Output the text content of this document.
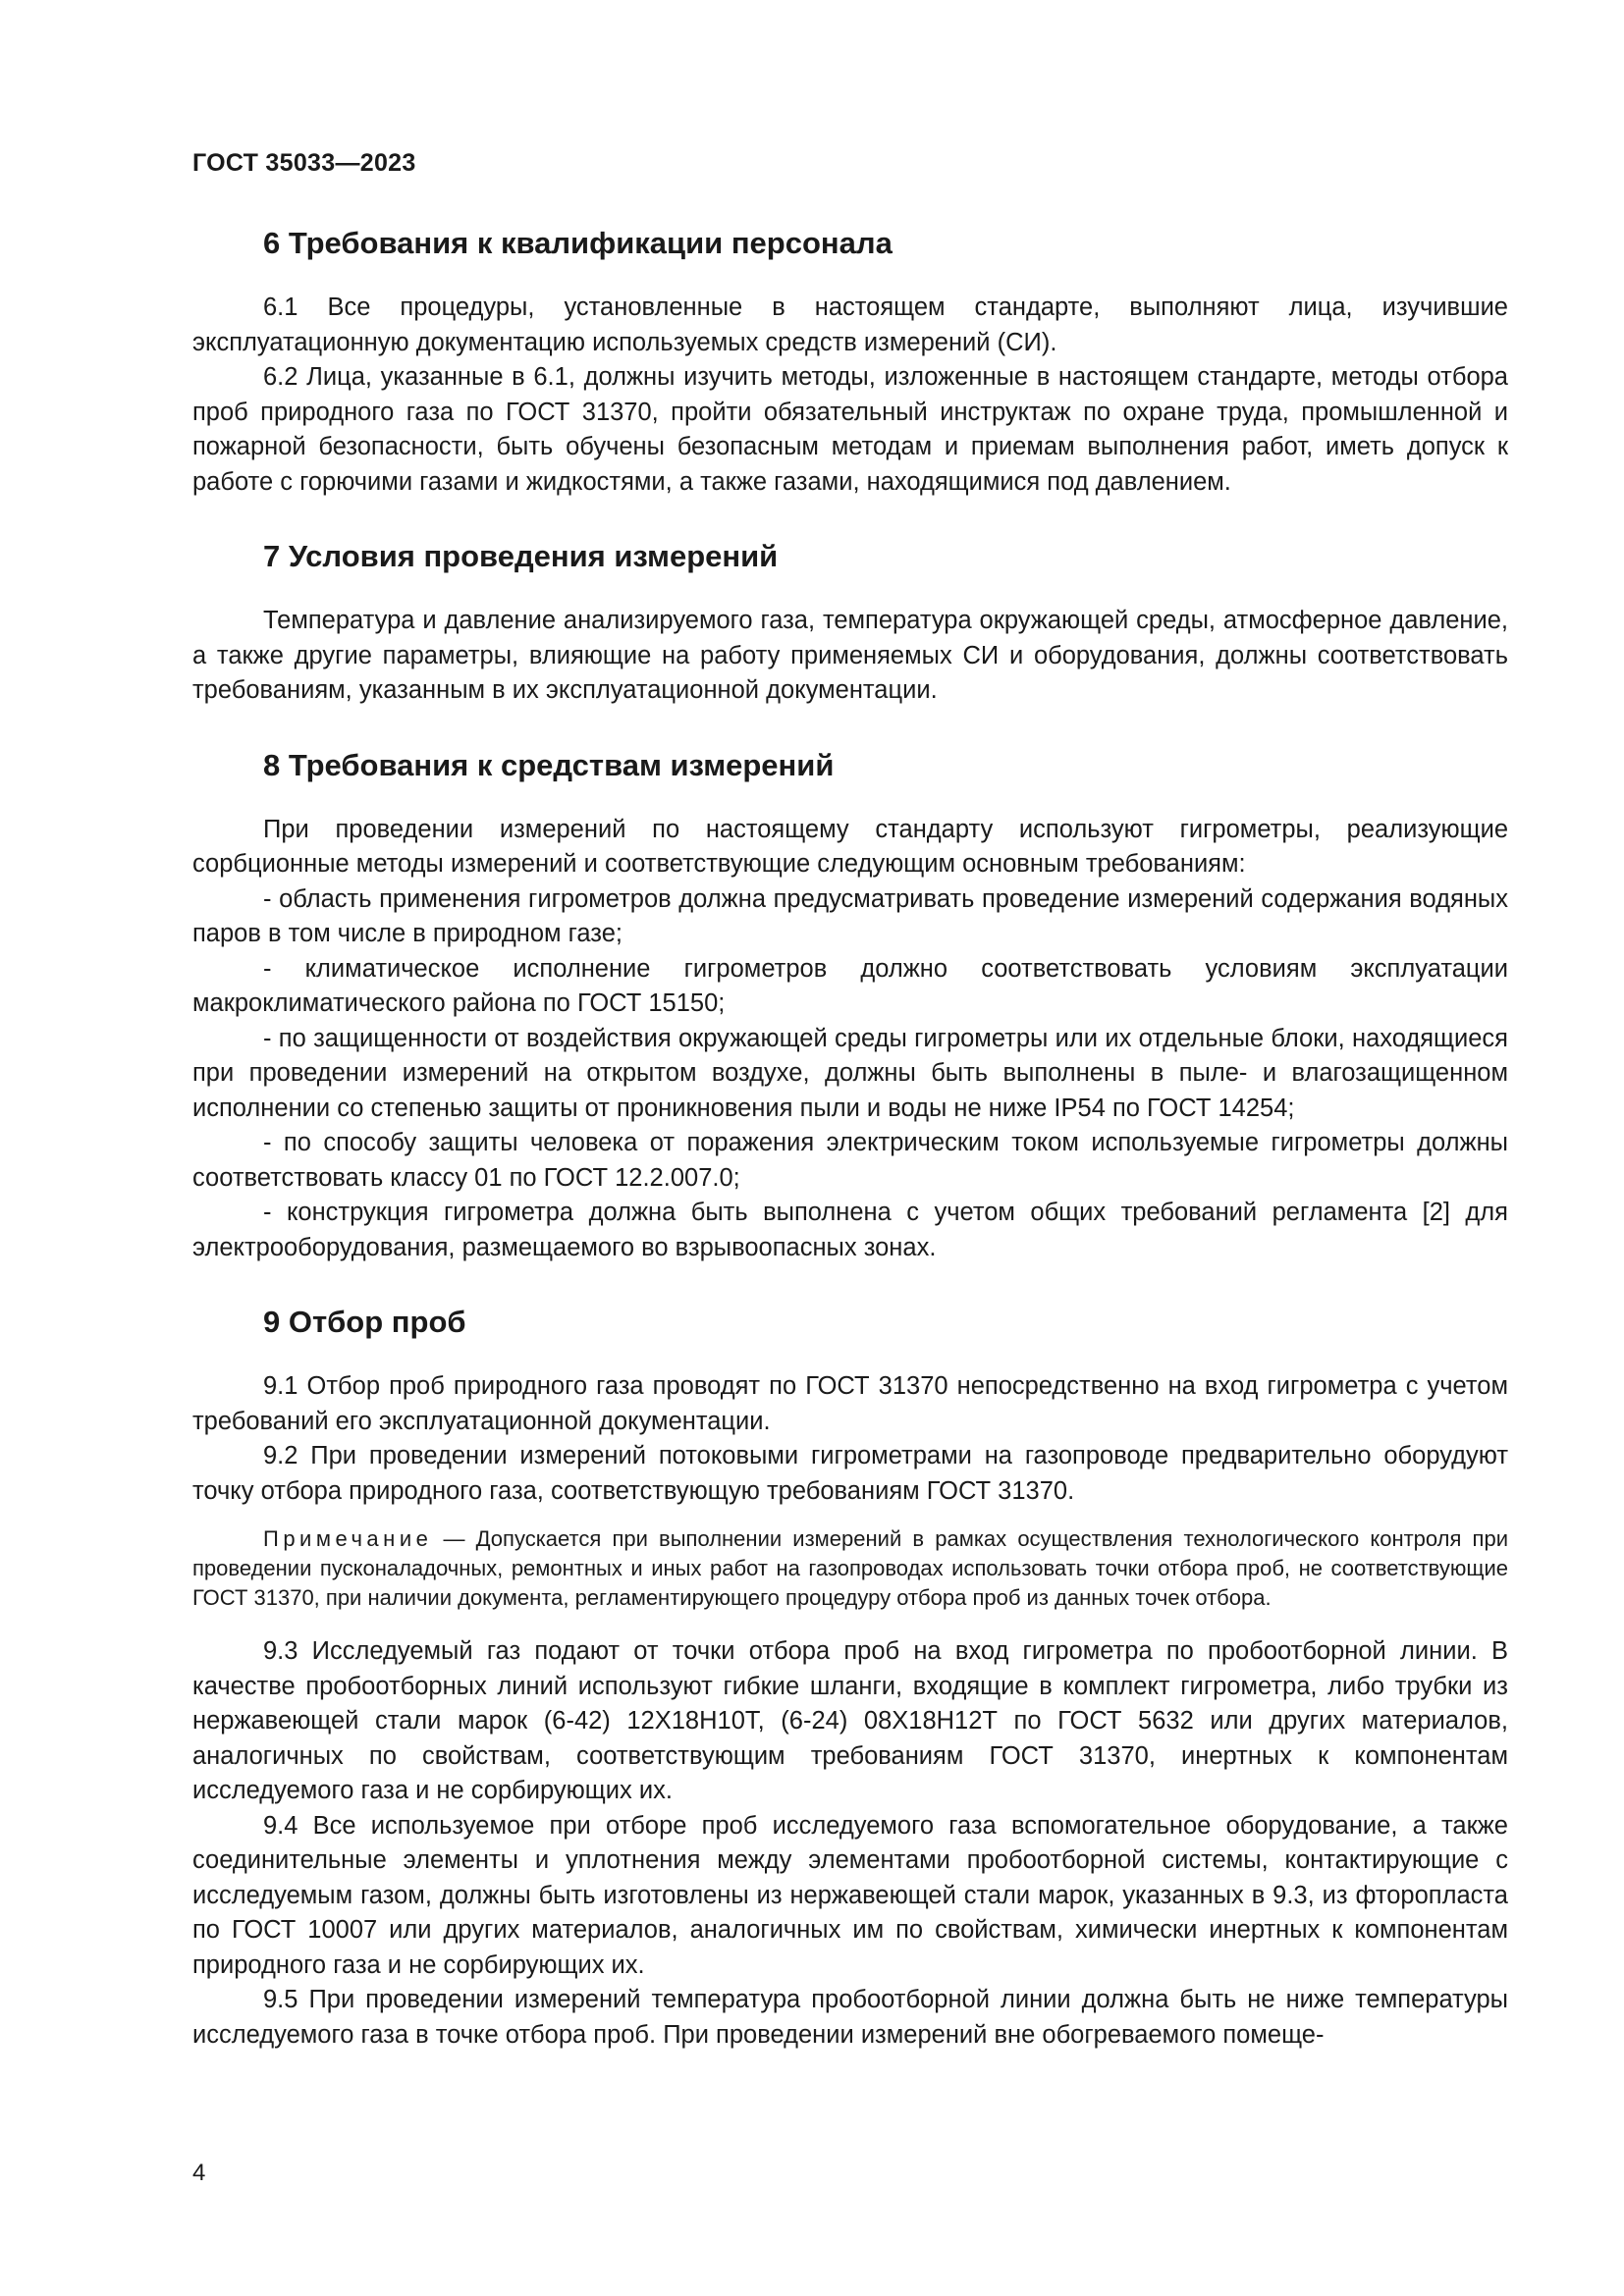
ГОСТ 35033—2023
6 Требования к квалификации персонала

6.1 Все процедуры, установленные в настоящем стандарте, выполняют лица, изучившие эксплуатационную документацию используемых средств измерений (СИ).

6.2 Лица, указанные в 6.1, должны изучить методы, изложенные в настоящем стандарте, методы отбора проб природного газа по ГОСТ 31370, пройти обязательный инструктаж по охране труда, промышленной и пожарной безопасности, быть обучены безопасным методам и приемам выполнения работ, иметь допуск к работе с горючими газами и жидкостями, а также газами, находящимися под давлением.

7 Условия проведения измерений

Температура и давление анализируемого газа, температура окружающей среды, атмосферное давление, а также другие параметры, влияющие на работу применяемых СИ и оборудования, должны соответствовать требованиям, указанным в их эксплуатационной документации.

8 Требования к средствам измерений

При проведении измерений по настоящему стандарту используют гигрометры, реализующие сорбционные методы измерений и соответствующие следующим основным требованиям:

- область применения гигрометров должна предусматривать проведение измерений содержания водяных паров в том числе в природном газе;

- климатическое исполнение гигрометров должно соответствовать условиям эксплуатации макроклиматического района по ГОСТ 15150;

- по защищенности от воздействия окружающей среды гигрометры или их отдельные блоки, находящиеся при проведении измерений на открытом воздухе, должны быть выполнены в пыле- и влагозащищенном исполнении со степенью защиты от проникновения пыли и воды не ниже IP54 по ГОСТ 14254;

- по способу защиты человека от поражения электрическим током используемые гигрометры должны соответствовать классу 01 по ГОСТ 12.2.007.0;

- конструкция гигрометра должна быть выполнена с учетом общих требований регламента [2] для электрооборудования, размещаемого во взрывоопасных зонах.

9 Отбор проб

9.1 Отбор проб природного газа проводят по ГОСТ 31370 непосредственно на вход гигрометра с учетом требований его эксплуатационной документации.

9.2 При проведении измерений потоковыми гигрометрами на газопроводе предварительно оборудуют точку отбора природного газа, соответствующую требованиям ГОСТ 31370.

Примечание — Допускается при выполнении измерений в рамках осуществления технологического контроля при проведении пусконаладочных, ремонтных и иных работ на газопроводах использовать точки отбора проб, не соответствующие ГОСТ 31370, при наличии документа, регламентирующего процедуру отбора проб из данных точек отбора.

9.3 Исследуемый газ подают от точки отбора проб на вход гигрометра по пробоотборной линии. В качестве пробоотборных линий используют гибкие шланги, входящие в комплект гигрометра, либо трубки из нержавеющей стали марок (6-42) 12Х18Н10Т, (6-24) 08Х18Н12Т по ГОСТ 5632 или других материалов, аналогичных по свойствам, соответствующим требованиям ГОСТ 31370, инертных к компонентам исследуемого газа и не сорбирующих их.

9.4 Все используемое при отборе проб исследуемого газа вспомогательное оборудование, а также соединительные элементы и уплотнения между элементами пробоотборной системы, контактирующие с исследуемым газом, должны быть изготовлены из нержавеющей стали марок, указанных в 9.3, из фторопласта по ГОСТ 10007 или других материалов, аналогичных им по свойствам, химически инертных к компонентам природного газа и не сорбирующих их.

9.5 При проведении измерений температура пробоотборной линии должна быть не ниже температуры исследуемого газа в точке отбора проб. При проведении измерений вне обогреваемого помеще-

4
